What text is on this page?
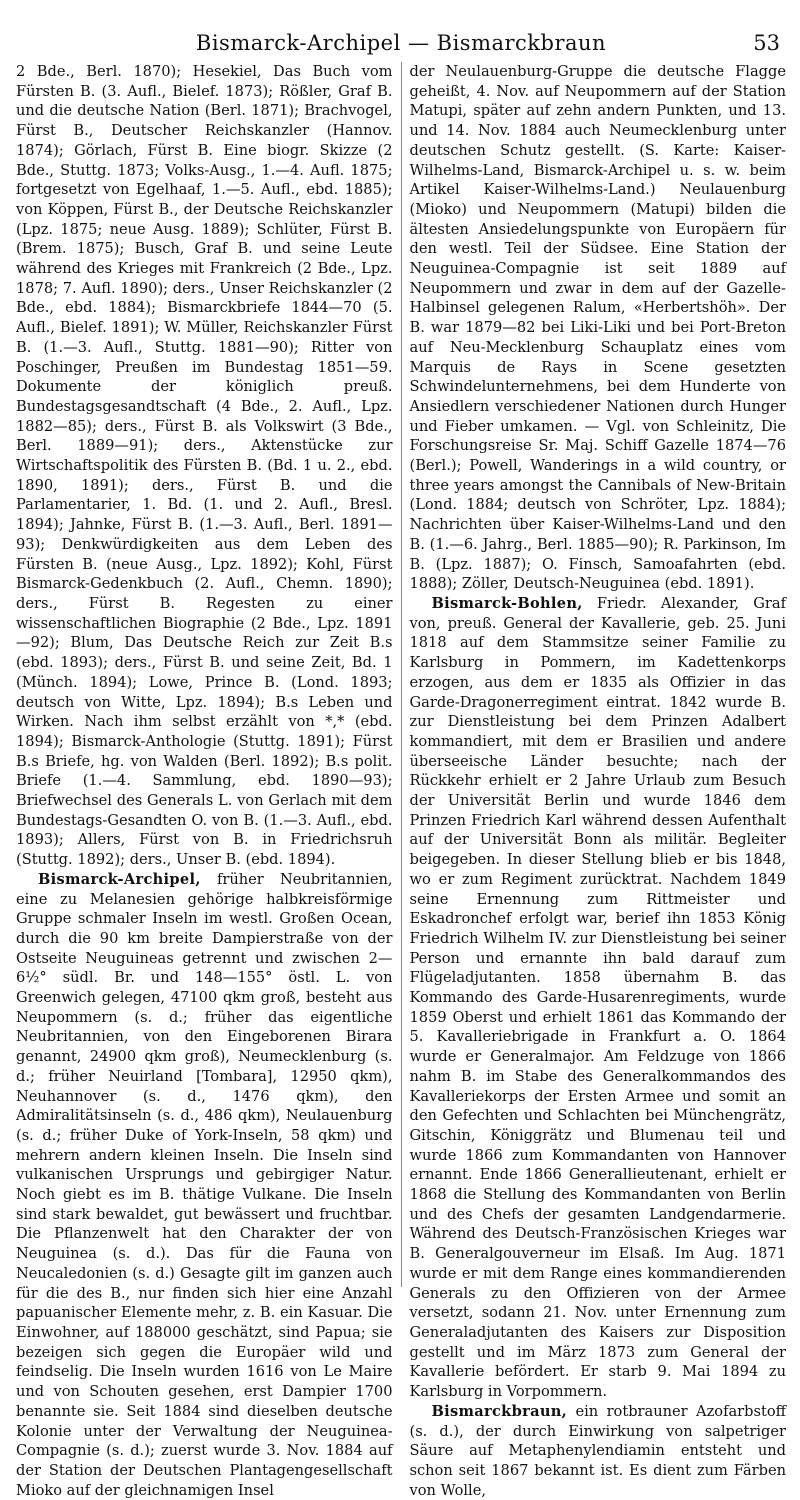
Bismarck-Archipel — Bismarckbraun	53

2 Bde., Berl. 1870); Hesekiel, Das Buch vom Fürsten B. (3. Aufl., Bielef. 1873); Rößler, Graf B. und die deutsche Nation (Berl. 1871); Brachvogel, Fürst B., Deutscher Reichskanzler (Hannov. 1874); Görlach, Fürst B. Eine biogr. Skizze (2 Bde., Stuttg. 1873; Volks-Ausg., 1.—4. Aufl. 1875; fortgesetzt von Egelhaaf, 1.—5. Aufl., ebd. 1885); von Köppen, Fürst B., der Deutsche Reichskanzler (Lpz. 1875; neue Ausg. 1889); Schlüter, Fürst B. (Brem. 1875); Busch, Graf B. und seine Leute während des Krieges mit Frankreich (2 Bde., Lpz. 1878; 7. Aufl. 1890); ders., Unser Reichskanzler (2 Bde., ebd. 1884); Bismarckbriefe 1844—70 (5. Aufl., Bielef. 1891); W. Müller, Reichskanzler Fürst B. (1.—3. Aufl., Stuttg. 1881—90); Ritter von Poschinger, Preußen im Bundestag 1851—59. Dokumente der königlich preuß. Bundestagsgesandtschaft (4 Bde., 2. Aufl., Lpz. 1882—85); ders., Fürst B. als Volkswirt (3 Bde., Berl. 1889—91); ders., Aktenstücke zur Wirtschaftspolitik des Fürsten B. (Bd. 1 u. 2., ebd. 1890, 1891); ders., Fürst B. und die Parlamentarier, 1. Bd. (1. und 2. Aufl., Bresl. 1894); Jahnke, Fürst B. (1.—3. Aufl., Berl. 1891—93); Denkwürdigkeiten aus dem Leben des Fürsten B. (neue Ausg., Lpz. 1892); Kohl, Fürst Bismarck-Gedenkbuch (2. Aufl., Chemn. 1890); ders., Fürst B. Regesten zu einer wissenschaftlichen Biographie (2 Bde., Lpz. 1891—92); Blum, Das Deutsche Reich zur Zeit B.s (ebd. 1893); ders., Fürst B. und seine Zeit, Bd. 1 (Münch. 1894); Lowe, Prince B. (Lond. 1893; deutsch von Witte, Lpz. 1894); B.s Leben und Wirken. Nach ihm selbst erzählt von *,* (ebd. 1894); Bismarck-Anthologie (Stuttg. 1891); Fürst B.s Briefe, hg. von Walden (Berl. 1892); B.s polit. Briefe (1.—4. Sammlung, ebd. 1890—93); Briefwechsel des Generals L. von Gerlach mit dem Bundestags-Gesandten O. von B. (1.—3. Aufl., ebd. 1893); Allers, Fürst von B. in Friedrichsruh (Stuttg. 1892); ders., Unser B. (ebd. 1894).

Bismarck-Archipel, früher Neubritannien, eine zu Melanesien gehörige halbkreisförmige Gruppe schmaler Inseln im westl. Großen Ocean, durch die 90 km breite Dampierstraße von der Ostseite Neuguineas getrennt und zwischen 2—6½° südl. Br. und 148—155° östl. L. von Greenwich gelegen, 47100 qkm groß, besteht aus Neupommern (s. d.; früher das eigentliche Neubritannien, von den Eingeborenen Birara genannt, 24900 qkm groß), Neumecklenburg (s. d.; früher Neuirland [Tombara], 12950 qkm), Neuhannover (s. d., 1476 qkm), den Admiralitätsinseln (s. d., 486 qkm), Neulauenburg (s. d.; früher Duke of York-Inseln, 58 qkm) und mehrern andern kleinen Inseln. Die Inseln sind vulkanischen Ursprungs und gebirgiger Natur. Noch giebt es im B. thätige Vulkane. Die Inseln sind stark bewaldet, gut bewässert und fruchtbar. Die Pflanzenwelt hat den Charakter der von Neuguinea (s. d.). Das für die Fauna von Neucaledonien (s. d.) Gesagte gilt im ganzen auch für die des B., nur finden sich hier eine Anzahl papuanischer Elemente mehr, z. B. ein Kasuar. Die Einwohner, auf 188000 geschätzt, sind Papua; sie bezeigen sich gegen die Europäer wild und feindselig. Die Inseln wurden 1616 von Le Maire und von Schouten gesehen, erst Dampier 1700 benannte sie. Seit 1884 sind dieselben deutsche Kolonie unter der Verwaltung der Neuguinea-Compagnie (s. d.); zuerst wurde 3. Nov. 1884 auf der Station der Deutschen Plantagengesellschaft Mioko auf der gleichnamigen Insel

der Neulauenburg-Gruppe die deutsche Flagge geheißt, 4. Nov. auf Neupommern auf der Station Matupi, später auf zehn andern Punkten, und 13. und 14. Nov. 1884 auch Neumecklenburg unter deutschen Schutz gestellt. (S. Karte: Kaiser-Wilhelms-Land, Bismarck-Archipel u. s. w. beim Artikel Kaiser-Wilhelms-Land.) Neulauenburg (Mioko) und Neupommern (Matupi) bilden die ältesten Ansiedelungspunkte von Europäern für den westl. Teil der Südsee. Eine Station der Neuguinea-Compagnie ist seit 1889 auf Neupommern und zwar in dem auf der Gazelle-Halbinsel gelegenen Ralum, «Herbertshöh». Der B. war 1879—82 bei Liki-Liki und bei Port-Breton auf Neu-Mecklenburg Schauplatz eines vom Marquis de Rays in Scene gesetzten Schwindelunternehmens, bei dem Hunderte von Ansiedlern verschiedener Nationen durch Hunger und Fieber umkamen. — Vgl. von Schleinitz, Die Forschungsreise Sr. Maj. Schiff Gazelle 1874—76 (Berl.); Powell, Wanderings in a wild country, or three years amongst the Cannibals of New-Britain (Lond. 1884; deutsch von Schröter, Lpz. 1884); Nachrichten über Kaiser-Wilhelms-Land und den B. (1.—6. Jahrg., Berl. 1885—90); R. Parkinson, Im B. (Lpz. 1887); O. Finsch, Samoafahrten (ebd. 1888); Zöller, Deutsch-Neuguinea (ebd. 1891).

Bismarck-Bohlen, Friedr. Alexander, Graf von, preuß. General der Kavallerie, geb. 25. Juni 1818 auf dem Stammsitze seiner Familie zu Karlsburg in Pommern, im Kadettenkorps erzogen, aus dem er 1835 als Offizier in das Garde-Dragonerregiment eintrat. 1842 wurde B. zur Dienstleistung bei dem Prinzen Adalbert kommandiert, mit dem er Brasilien und andere überseeische Länder besuchte; nach der Rückkehr erhielt er 2 Jahre Urlaub zum Besuch der Universität Berlin und wurde 1846 dem Prinzen Friedrich Karl während dessen Aufenthalt auf der Universität Bonn als militär. Begleiter beigegeben. In dieser Stellung blieb er bis 1848, wo er zum Regiment zurücktrat. Nachdem 1849 seine Ernennung zum Rittmeister und Eskadronchef erfolgt war, berief ihn 1853 König Friedrich Wilhelm IV. zur Dienstleistung bei seiner Person und ernannte ihn bald darauf zum Flügeladjutanten. 1858 übernahm B. das Kommando des Garde-Husarenregiments, wurde 1859 Oberst und erhielt 1861 das Kommando der 5. Kavalleriebrigade in Frankfurt a. O. 1864 wurde er Generalmajor. Am Feldzuge von 1866 nahm B. im Stabe des Generalkommandos des Kavalleriekorps der Ersten Armee und somit an den Gefechten und Schlachten bei Münchengrätz, Gitschin, Königgrätz und Blumenau teil und wurde 1866 zum Kommandanten von Hannover ernannt. Ende 1866 Generallieutenant, erhielt er 1868 die Stellung des Kommandanten von Berlin und des Chefs der gesamten Landgendarmerie. Während des Deutsch-Französischen Krieges war B. Generalgouverneur im Elsaß. Im Aug. 1871 wurde er mit dem Range eines kommandierenden Generals zu den Offizieren von der Armee versetzt, sodann 21. Nov. unter Ernennung zum Generaladjutanten des Kaisers zur Disposition gestellt und im März 1873 zum General der Kavallerie befördert. Er starb 9. Mai 1894 zu Karlsburg in Vorpommern.

Bismarckbraun, ein rotbrauner Azofarbstoff (s. d.), der durch Einwirkung von salpetriger Säure auf Metaphenylendiamin entsteht und schon seit 1867 bekannt ist. Es dient zum Färben von Wolle,
